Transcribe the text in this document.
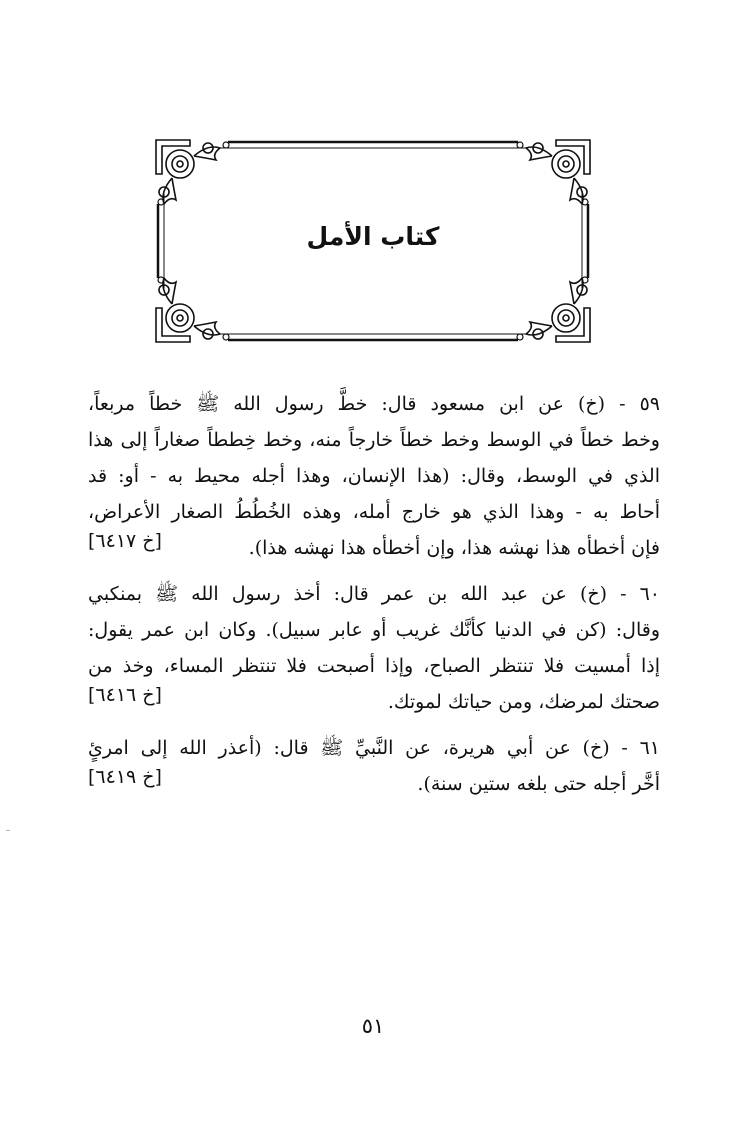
كتاب الأمل
٥٩ - (خ) عن ابن مسعود قال: خطَّ رسول الله ﷺ خطاً مربعاً،
وخط خطاً في الوسط وخط خطاً خارجاً منه، وخط خِططاً صغاراً إلى هذا
الذي في الوسط، وقال: (هذا الإنسان، وهذا أجله محيط به - أو: قد
أحاط به - وهذا الذي هو خارج أمله، وهذه الخُطُطُ الصغار الأعراض،
فإن أخطأه هذا نهشه هذا، وإن أخطأه هذا نهشه هذا).
[خ ٦٤١٧]
٦٠ - (خ) عن عبد الله بن عمر قال: أخذ رسول الله ﷺ بمنكبي
وقال: (كن في الدنيا كأنَّك غريب أو عابر سبيل). وكان ابن عمر يقول:
إذا أمسيت فلا تنتظر الصباح، وإذا أصبحت فلا تنتظر المساء، وخذ من
صحتك لمرضك، ومن حياتك لموتك.
[خ ٦٤١٦]
٦١ - (خ) عن أبي هريرة، عن النَّبيِّ ﷺ قال: (أعذر الله إلى امرئٍ
أخَّر أجله حتى بلغه ستين سنة).
[خ ٦٤١٩]
٥١
